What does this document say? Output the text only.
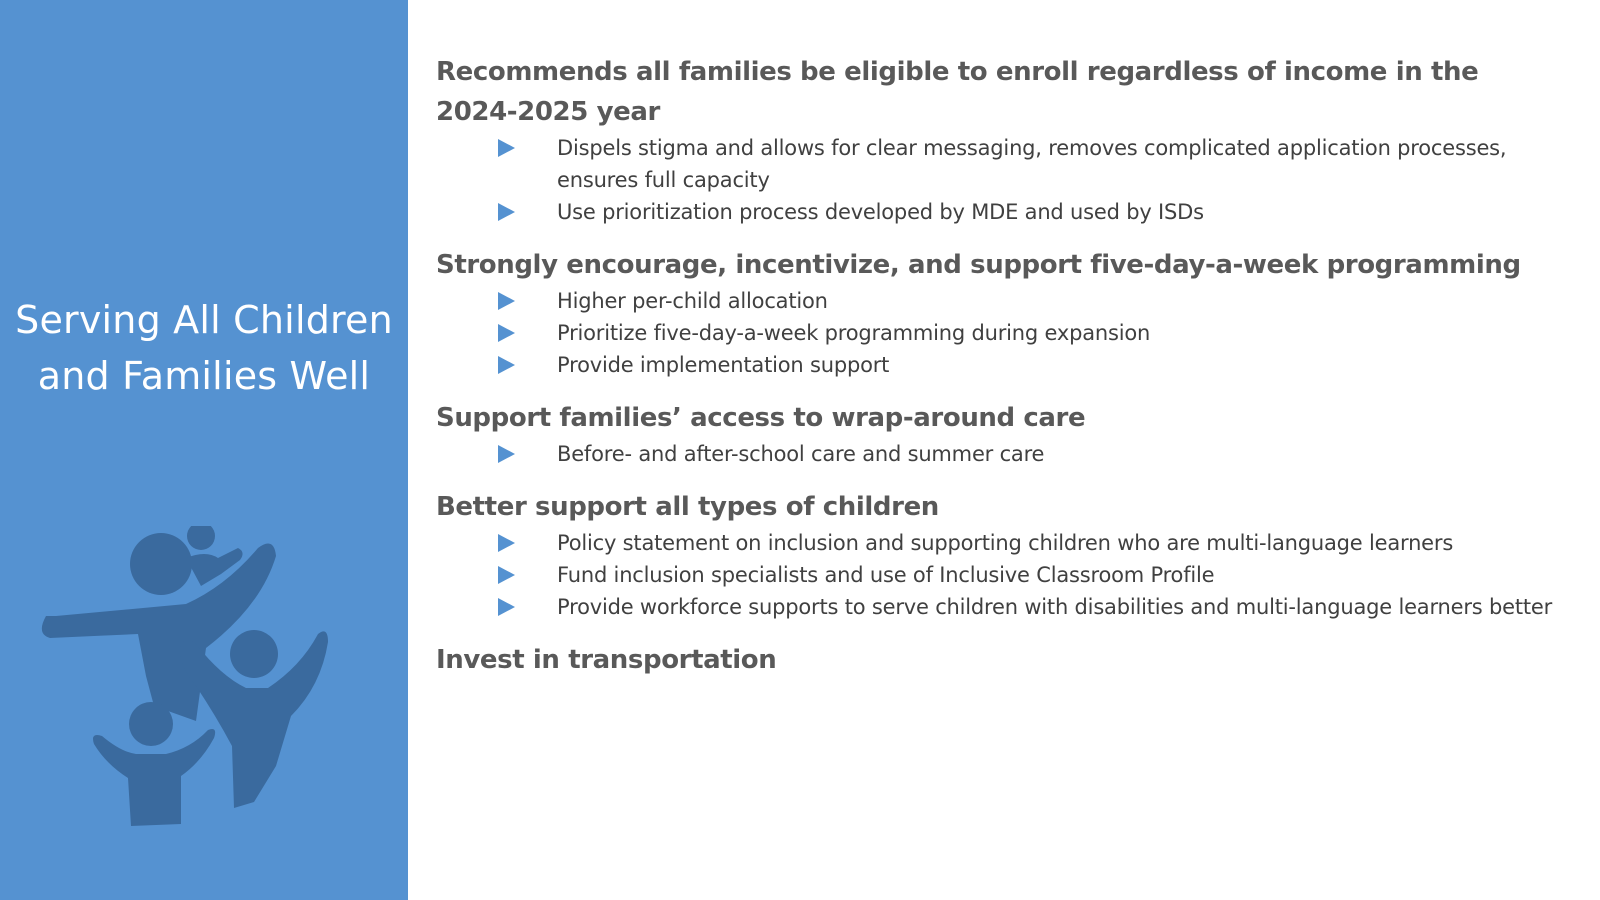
Serving All Children
and Families Well
Recommends all families be eligible to enroll regardless of income in the 2024-2025 year
Dispels stigma and allows for clear messaging, removes complicated application processes, ensures full capacity
Use prioritization process developed by MDE and used by ISDs
Strongly encourage, incentivize, and support five-day-a-week programming
Higher per-child allocation
Prioritize five-day-a-week programming during expansion
Provide implementation support
Support families’ access to wrap-around care
Before- and after-school care and summer care
Better support all types of children
Policy statement on inclusion and supporting children who are multi-language learners
Fund inclusion specialists and use of Inclusive Classroom Profile
Provide workforce supports to serve children with disabilities and multi-language learners better
Invest in transportation
